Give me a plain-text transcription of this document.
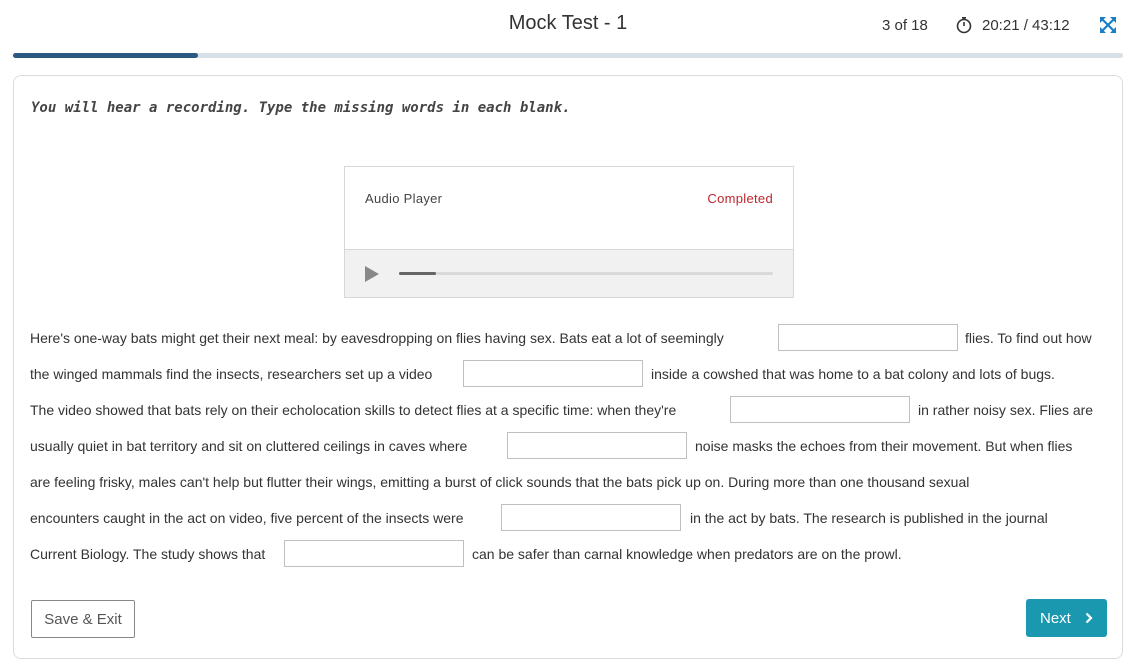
Mock Test - 1	3 of 18	20:21 / 43:12
You will hear a recording. Type the missing words in each blank.
Audio Player	Completed
Here's one-way bats might get their next meal: by eavesdropping on flies having sex. Bats eat a lot of seemingly	flies. To find out how
the winged mammals find the insects, researchers set up a video	inside a cowshed that was home to a bat colony and lots of bugs.
The video showed that bats rely on their echolocation skills to detect flies at a specific time: when they're	in rather noisy sex. Flies are
usually quiet in bat territory and sit on cluttered ceilings in caves where	noise masks the echoes from their movement. But when flies
are feeling frisky, males can't help but flutter their wings, emitting a burst of click sounds that the bats pick up on. During more than one thousand sexual
encounters caught in the act on video, five percent of the insects were	in the act by bats. The research is published in the journal
Current Biology. The study shows that	can be safer than carnal knowledge when predators are on the prowl.
Save & Exit	Next
